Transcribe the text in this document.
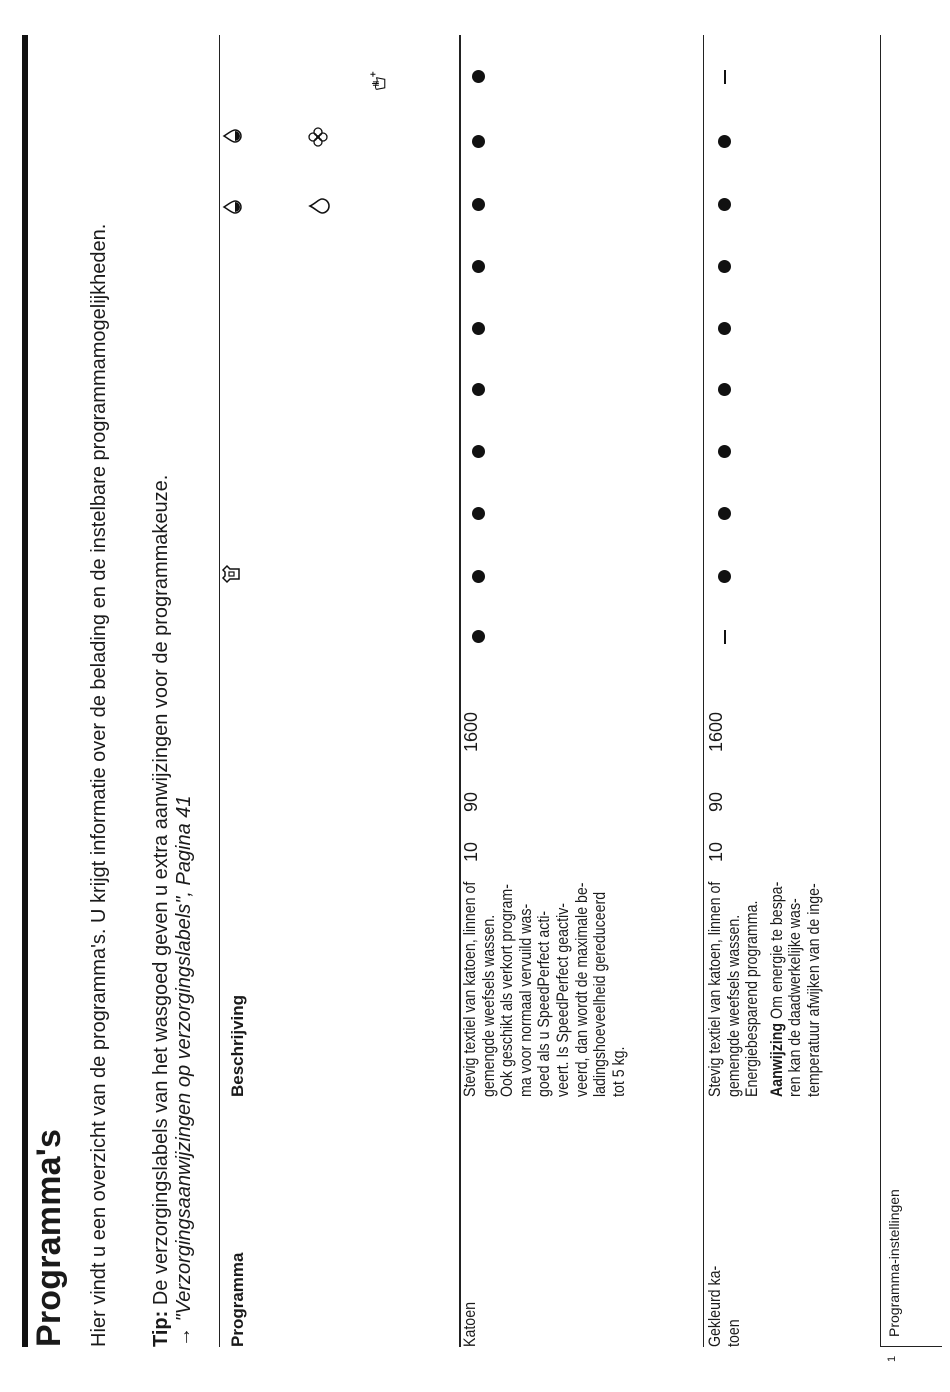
Programma's Hier vindt u een overzicht van de programma's. U krijgt informatie over de belading en de instelbare programmamogelijkheden. Tip: De verzorgingslabels van het wasgoed geven u extra aanwijzingen voor de programmakeuze. → "Verzorgingsaanwijzingen op verzorgingslabels", Pagina 41 Programma
Beschrijving
Katoen
Stevig textiel van katoen, linnen of gemengde weefsels wassen. Ook geschikt als verkort program- ma voor normaal vervuild was- goed als u SpeedPerfect acti- veert. Is SpeedPerfect geactiv- veerd, dan wordt de maximale be- ladingshoeveelheid gereduceerd tot 5 kg.
10
90
1600
Gekleurd ka- toen
Stevig textiel van katoen, linnen of gemengde weefsels wassen. Energiebesparend programma. Aanwijzing Om energie te bespa- ren kan de daadwerkelijke was- temperatuur afwijken van de inge-
10
90
1600
1
Programma-instellingen
